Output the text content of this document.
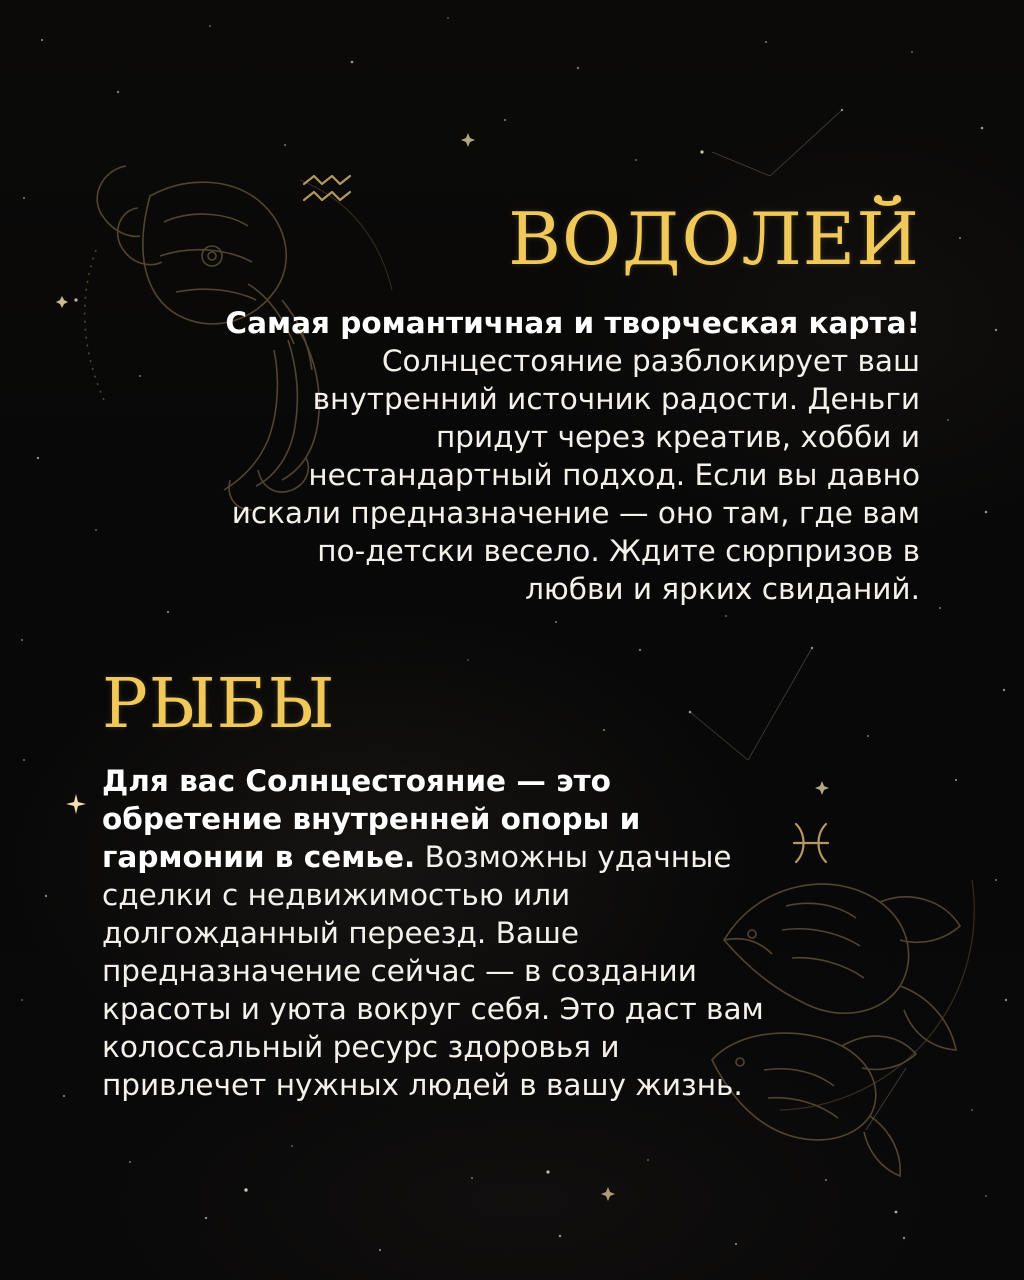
ВОДОЛЕЙ

Самая романтичная и творческая карта! Солнцестояние разблокирует ваш внутренний источник радости. Деньги придут через креатив, хобби и нестандартный подход. Если вы давно искали предназначение — оно там, где вам по-детски весело. Ждите сюрпризов в любви и ярких свиданий.

РЫБЫ

Для вас Солнцестояние — это обретение внутренней опоры и гармонии в семье. Возможны удачные сделки с недвижимостью или долгожданный переезд. Ваше предназначение сейчас — в создании красоты и уюта вокруг себя. Это даст вам колоссальный ресурс здоровья и привлечет нужных людей в вашу жизнь.
